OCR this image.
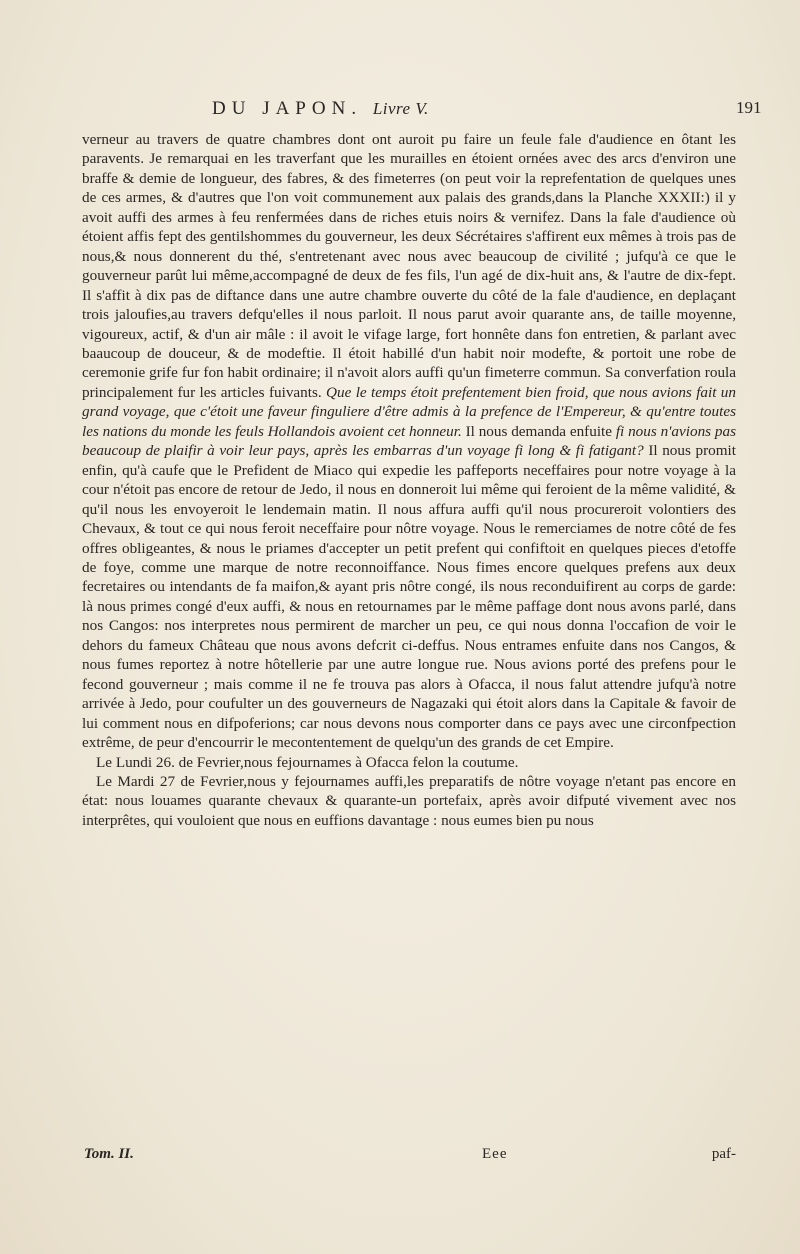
DU JAPON. Livre V.	191

verneur au travers de quatre chambres dont ont auroit pu faire un feule fale d'audience en ôtant les paravents. Je remarquai en les traverfant que les murailles en étoient ornées avec des arcs d'environ une braffe & demie de longueur, des fabres, & des fimeterres (on peut voir la reprefentation de quelques unes de ces armes, & d'autres que l'on voit communement aux palais des grands,dans la Planche XXXII:) il y avoit auffi des armes à feu renfermées dans de riches etuis noirs & vernifez. Dans la fale d'audience où étoient affis fept des gentilshommes du gouverneur, les deux Sécrétaires s'affirent eux mêmes à trois pas de nous,& nous donnerent du thé, s'entretenant avec nous avec beaucoup de civilité ; jufqu'à ce que le gouverneur parût lui même,accompagné de deux de fes fils, l'un agé de dix-huit ans, & l'autre de dix-fept. Il s'affit à dix pas de diftance dans une autre chambre ouverte du côté de la fale d'audience, en deplaçant trois jaloufies,au travers defqu'elles il nous parloit. Il nous parut avoir quarante ans, de taille moyenne, vigoureux, actif, & d'un air mâle : il avoit le vifage large, fort honnête dans fon entretien, & parlant avec baaucoup de douceur, & de modeftie. Il étoit habillé d'un habit noir modefte, & portoit une robe de ceremonie grife fur fon habit ordinaire; il n'avoit alors auffi qu'un fimeterre commun. Sa converfation roula principalement fur les articles fuivants. Que le temps étoit prefentement bien froid, que nous avions fait un grand voyage, que c'étoit une faveur finguliere d'être admis à la prefence de l'Empereur, & qu'entre toutes les nations du monde les feuls Hollandois avoient cet honneur. Il nous demanda enfuite fi nous n'avions pas beaucoup de plaifir à voir leur pays, après les embarras d'un voyage fi long & fi fatigant? Il nous promit enfin, qu'à caufe que le Prefident de Miaco qui expedie les paffeports neceffaires pour notre voyage à la cour n'étoit pas encore de retour de Jedo, il nous en donneroit lui même qui feroient de la même validité, & qu'il nous les envoyeroit le lendemain matin. Il nous affura auffi qu'il nous procureroit volontiers des Chevaux, & tout ce qui nous feroit neceffaire pour nôtre voyage. Nous le remerciames de notre côté de fes offres obligeantes, & nous le priames d'accepter un petit prefent qui confiftoit en quelques pieces d'etoffe de foye, comme une marque de notre reconnoiffance. Nous fimes encore quelques prefens aux deux fecretaires ou intendants de fa maifon,& ayant pris nôtre congé, ils nous reconduifirent au corps de garde: là nous primes congé d'eux auffi, & nous en retournames par le même paffage dont nous avons parlé, dans nos Cangos: nos interpretes nous permirent de marcher un peu, ce qui nous donna l'occafion de voir le dehors du fameux Château que nous avons defcrit ci-deffus. Nous entrames enfuite dans nos Cangos, & nous fumes reportez à notre hôtellerie par une autre longue rue. Nous avions porté des prefens pour le fecond gouverneur ; mais comme il ne fe trouva pas alors à Ofacca, il nous falut attendre jufqu'à notre arrivée à Jedo, pour coufulter un des gouverneurs de Nagazaki qui étoit alors dans la Capitale & favoir de lui comment nous en difpoferions; car nous devons nous comporter dans ce pays avec une circonfpection extrême, de peur d'encourrir le mecontentement de quelqu'un des grands de cet Empire.

Le Lundi 26. de Fevrier,nous fejournames à Ofacca felon la coutume.

Le Mardi 27 de Fevrier,nous y fejournames auffi,les preparatifs de nôtre voyage n'etant pas encore en état: nous louames quarante chevaux & quarante-un portefaix, après avoir difputé vivement avec nos interprêtes, qui vouloient que nous en euffions davantage : nous eumes bien pu nous

Tom. II.	Eee	paf-
